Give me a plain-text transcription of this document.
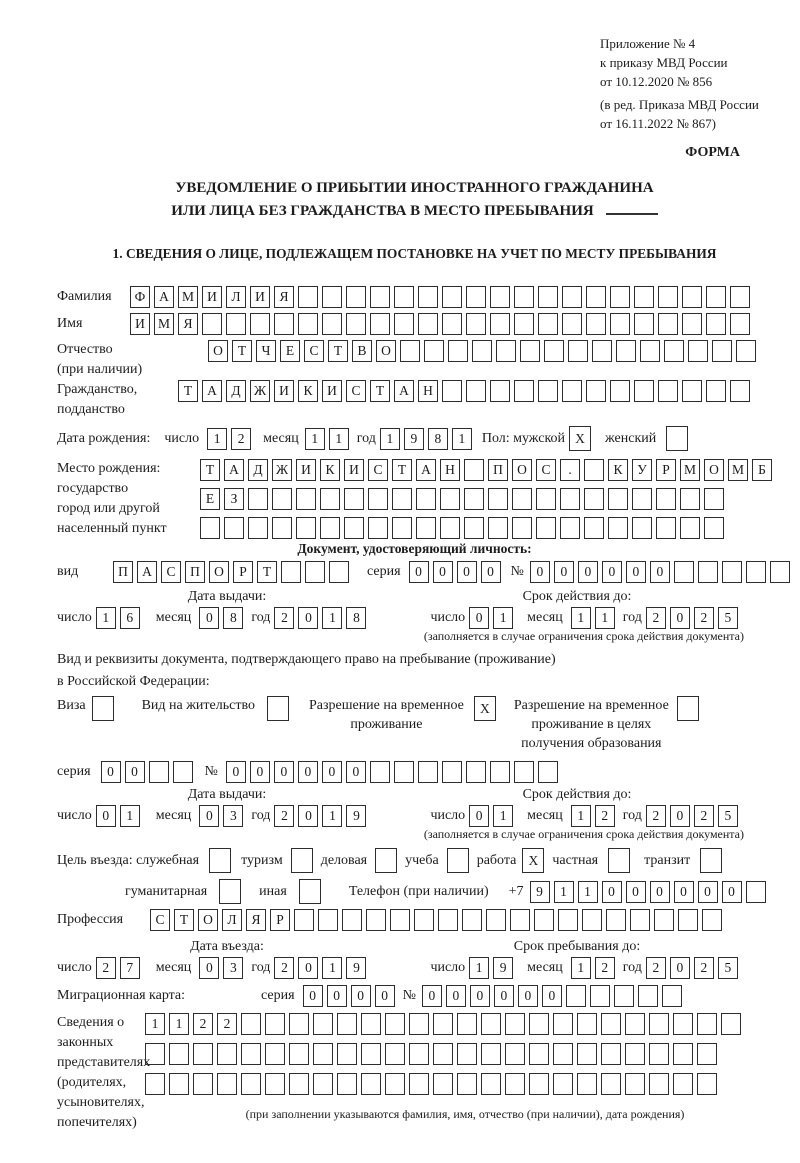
Приложение № 4
к приказу МВД России
от 10.12.2020 № 856
(в ред. Приказа МВД России
от 16.11.2022 № 867)
ФОРМА
УВЕДОМЛЕНИЕ О ПРИБЫТИИ ИНОСТРАННОГО ГРАЖДАНИНА
ИЛИ ЛИЦА БЕЗ ГРАЖДАНСТВА В МЕСТО ПРЕБЫВАНИЯ
1. СВЕДЕНИЯ О ЛИЦЕ, ПОДЛЕЖАЩЕМ ПОСТАНОВКЕ НА УЧЕТ ПО МЕСТУ ПРЕБЫВАНИЯ
Фамилия	Ф	А М И	Л	И	Я
Имя	И М Я
Отчество
(при наличии)
О	Т	Ч	Е	С	Т	В	О
Гражданство,
подданство
Т	А	Д Ж И	К	И	С	Т	А	Н
Дата рождения: число	1	2	месяц 1	1	год 1	9	8	1	Пол: мужской X	женский
Место рождения:
государство
город или другой
населенный пункт
Т	А	Д Ж И	К	И	С	Т	А	Н	П	О	С	.	К	У	Р	М О М	Б
Е	З
Документ, удостоверяющий личность:
вид	П	А	С	П	О	Р	Т	серия	0	0	0	0	№ 0	0	0	0	0	0
Дата выдачи:	Срок действия до:
число 1	6	месяц	0	8	год 2	0	1	8	число 0	1	месяц	1	1	год 2	0	2	5
(заполняется в случае ограничения срока действия документа)
Вид и реквизиты документа, подтверждающего право на пребывание (проживание)
в Российской Федерации:
Виза	Вид на жительство	Разрешение на временное
проживание
X	Разрешение на временное
проживание в целях
получения образования
серия	0	0	№	0	0	0	0	0	0
Дата выдачи:	Срок действия до:
число 0	1	месяц	0	3	год 2	0	1	9	число 0	1	месяц	1	2	год 2	0	2	5
(заполняется в случае ограничения срока действия документа)
Цель въезда: служебная	туризм	деловая	учеба	работа X	частная	транзит
гуманитарная	иная	Телефон (при наличии) +7 9	1	1	0	0	0	0	0	0
Профессия	С	Т	О	Л	Я	Р
Дата въезда:	Срок пребывания до:
число 2	7	месяц	0	3	год 2	0	1	9	число 1	9	месяц	1	2	год 2	0	2	5
Миграционная карта:	серия	0	0	0	0	№ 0	0	0	0	0	0
Сведения о
законных
представителях
(родителях,
усыновителях,
попечителях)
1	1	2	2
(при заполнении указываются фамилия, имя, отчество (при наличии), дата рождения)
